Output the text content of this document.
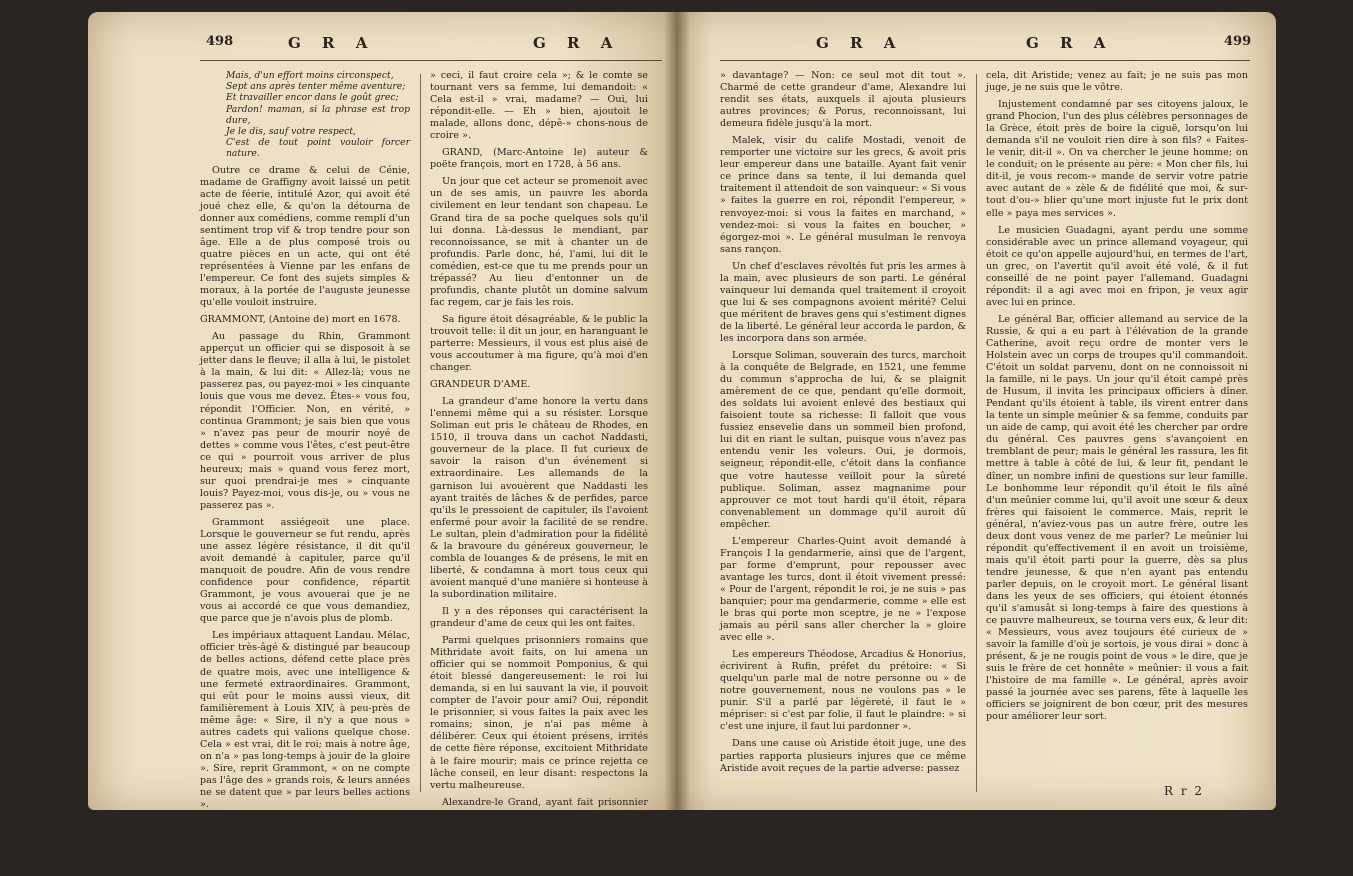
498	G R A	G R A
Mais, d'un effort moins circonspect,
Sept ans après tenter même aventure;
Et travailler encor dans le goût grec;
Pardon! maman, si la phrase est trop dure,
Je le dis, sauf votre respect,
C'est de tout point vouloir forcer nature.

Outre ce drame & celui de Cénie, madame de Graffigny avoit laissé un petit acte de féerie, intitulé Azor, qui avoit été joué chez elle, & qu'on la détourna de donner aux comédiens, comme rempli d'un sentiment trop vif & trop tendre pour son âge. Elle a de plus composé trois ou quatre pièces en un acte, qui ont été représentées à Vienne par les enfans de l'empereur. Ce font des sujets simples & moraux, à la portée de l'auguste jeunesse qu'elle vouloit instruire.

GRAMMONT, (Antoine de) mort en 1678.

Au passage du Rhin, Grammont apperçut un officier qui se disposoit à se jetter dans le fleuve; il alla à lui, le pistolet à la main, & lui dit: « Allez-là; vous ne passerez pas, ou payez-moi » les cinquante louis que vous me devez. Êtes-» vous fou, répondit l'Officier. Non, en vérité, » continua Grammont; je sais bien que vous » n'avez pas peur de mourir noyé de dettes » comme vous l'êtes, c'est peut-être ce qui » pourroit vous arriver de plus heureux; mais » quand vous ferez mort, sur quoi prendrai-je mes » cinquante louis? Payez-moi, vous dis-je, ou » vous ne passerez pas ».

Grammont assiégeoit une place. Lorsque le gouverneur se fut rendu, après une assez légère résistance, il dit qu'il avoit demandé à capituler, parce qu'il manquoit de poudre. Afin de vous rendre confidence pour confidence, répartit Grammont, je vous avouerai que je ne vous ai accordé ce que vous demandiez, que parce que je n'avois plus de plomb.

Les impériaux attaquent Landau. Mélac, officier très-âgé & distingué par beaucoup de belles actions, défend cette place près de quatre mois, avec une intelligence & une fermeté extraordinaires. Grammont, qui eût pour le moins aussi vieux, dit familièrement à Louis XIV, à peu-près de même âge: « Sire, il n'y a que nous » autres cadets qui valions quelque chose. Cela » est vrai, dit le roi; mais à notre âge, on n'a » pas long-temps à jouir de la gloire ». Sire, reprit Grammont, « on ne compte pas l'âge des » grands rois, & leurs années ne se datent que » par leurs belles actions ».

Grammont étant sur le point de mourir, sa femme, qui étoit d'une piété profonde, ne le » quittoit pas d'un moment. Son confesseur l'instruisoit, en lui disant: « Monsieur, il faut croire

» ceci, il faut croire cela »; & le comte se tournant vers sa femme, lui demandoit: « Cela est-il » vrai, madame? — Oui, lui répondit-elle. — Eh » bien, ajoutoit le malade, allons donc, dépê-» chons-nous de croire ».

GRAND, (Marc-Antoine le) auteur & poëte françois, mort en 1728, à 56 ans.

Un jour que cet acteur se promenoit avec un de ses amis, un pauvre les aborda civilement en leur tendant son chapeau. Le Grand tira de sa poche quelques sols qu'il lui donna. Là-dessus le mendiant, par reconnoissance, se mit à chanter un de profundis. Parle donc, hé, l'ami, lui dit le comédien, est-ce que tu me prends pour un trépassé? Au lieu d'entonner un de profundis, chante plutôt un domine salvum fac regem, car je fais les rois.

Sa figure étoit désagréable, & le public la trouvoit telle: il dit un jour, en haranguant le parterre: Messieurs, il vous est plus aisé de vous accoutumer à ma figure, qu'à moi d'en changer.

GRANDEUR D'AME.

La grandeur d'ame honore la vertu dans l'ennemi même qui a su résister. Lorsque Soliman eut pris le château de Rhodes, en 1510, il trouva dans un cachot Naddasti, gouverneur de la place. Il fut curieux de savoir la raison d'un événement si extraordinaire. Les allemands de la garnison lui avouèrent que Naddasti les ayant traités de lâches & de perfides, parce qu'ils le pressoient de capituler, ils l'avoient enfermé pour avoir la facilité de se rendre. Le sultan, plein d'admiration pour la fidélité & la bravoure du généreux gouverneur, le combla de louanges & de présens, le mit en liberté, & condamna à mort tous ceux qui avoient manqué d'une manière si honteuse à la subordination militaire.

Il y a des réponses qui caractérisent la grandeur d'ame de ceux qui les ont faites.

Parmi quelques prisonniers romains que Mithridate avoit faits, on lui amena un officier qui se nommoit Pomponius, & qui étoit blessé dangereusement: le roi lui demanda, si en lui sauvant la vie, il pouvoit compter de l'avoir pour ami? Oui, répondit le prisonnier, si vous faites la paix avec les romains; sinon, je n'ai pas même à délibérer. Ceux qui étoient présens, irrités de cette fière réponse, excitoient Mithridate à le faire mourir; mais ce prince rejetta ce lâche conseil, en leur disant: respectons la vertu malheureuse.

Alexandre-le Grand, ayant fait prisonnier Porus, l'un des plus puissans rois des Indes, le fit venir devant lui, & lui demanda comment il vouloit être traité? « En roi, répondit-il. — Mais, » ajouta le conquérant, ne demandez-vous rien

G R A	G R A	499

» davantage? — Non: ce seul mot dit tout ». Charmé de cette grandeur d'ame, Alexandre lui rendit ses états, auxquels il ajouta plusieurs autres provinces; & Porus, reconnoissant, lui demeura fidèle jusqu'à la mort.

Malek, visir du calife Mostadi, venoit de remporter une victoire sur les grecs, & avoit pris leur empereur dans une bataille. Ayant fait venir ce prince dans sa tente, il lui demanda quel traitement il attendoit de son vainqueur: « Si vous » faites la guerre en roi, répondit l'empereur, » renvoyez-moi: si vous la faites en marchand, » vendez-moi: si vous la faites en boucher, » égorgez-moi ». Le général musulman le renvoya sans rançon.

Un chef d'esclaves révoltés fut pris les armes à la main, avec plusieurs de son parti. Le général vainqueur lui demanda quel traitement il croyoit que lui & ses compagnons avoient mérité? Celui que méritent de braves gens qui s'estiment dignes de la liberté. Le général leur accorda le pardon, & les incorpora dans son armée.

Lorsque Soliman, souverain des turcs, marchoit à la conquête de Belgrade, en 1521, une femme du commun s'approcha de lui, & se plaignit amèrement de ce que, pendant qu'elle dormoit, des soldats lui avoient enlevé des bestiaux qui faisoient toute sa richesse: Il falloit que vous fussiez ensevelie dans un sommeil bien profond, lui dit en riant le sultan, puisque vous n'avez pas entendu venir les voleurs. Oui, je dormois, seigneur, répondit-elle, c'étoit dans la confiance que votre hautesse veilloit pour la sûreté publique. Soliman, assez magnanime pour approuver ce mot tout hardi qu'il étoit, répara convenablement un dommage qu'il auroit dû empêcher.

L'empereur Charles-Quint avoit demandé à François I la gendarmerie, ainsi que de l'argent, par forme d'emprunt, pour repousser avec avantage les turcs, dont il étoit vivement pressé: « Pour de l'argent, répondit le roi, je ne suis » pas banquier; pour ma gendarmerie, comme » elle est le bras qui porte mon sceptre, je ne » l'expose jamais au péril sans aller chercher la » gloire avec elle ».

Les empereurs Théodose, Arcadius & Honorius, écrivirent à Rufin, préfet du prétoire: « Si quelqu'un parle mal de notre personne ou » de notre gouvernement, nous ne voulons pas » le punir. S'il a parlé par légèreté, il faut le » mépriser: si c'est par folie, il faut le plaindre: » si c'est une injure, il faut lui pardonner ».

Dans une cause où Aristide étoit juge, une des parties rapporta plusieurs injures que ce même Aristide avoit reçues de la partie adverse: passez

cela, dit Aristide; venez au fait; je ne suis pas mon juge, je ne suis que le vôtre.

Injustement condamné par ses citoyens jaloux, le grand Phocion, l'un des plus célèbres personnages de la Grèce, étoit près de boire la ciguë, lorsqu'on lui demanda s'il ne vouloit rien dire à son fils? « Faites-le venir, dit-il ». On va chercher le jeune homme; on le conduit; on le présente au père: « Mon cher fils, lui dit-il, je vous recom-» mande de servir votre patrie avec autant de » zèle & de fidélité que moi, & sur-tout d'ou-» blier qu'une mort injuste fut le prix dont elle » paya mes services ».

Le musicien Guadagni, ayant perdu une somme considérable avec un prince allemand voyageur, qui étoit ce qu'on appelle aujourd'hui, en termes de l'art, un grec, on l'avertit qu'il avoit été volé, & il fut conseillé de ne point payer l'allemand. Guadagni répondit: il a agi avec moi en fripon, je veux agir avec lui en prince.

Le général Bar, officier allemand au service de la Russie, & qui a eu part à l'élévation de la grande Catherine, avoit reçu ordre de monter vers le Holstein avec un corps de troupes qu'il commandoit. C'étoit un soldat parvenu, dont on ne connoissoit ni la famille, ni le pays. Un jour qu'il étoit campé près de Husum, il invita les principaux officiers à dîner. Pendant qu'ils étoient à table, ils virent entrer dans la tente un simple meûnier & sa femme, conduits par un aide de camp, qui avoit été les chercher par ordre du général. Ces pauvres gens s'avançoient en tremblant de peur; mais le général les rassura, les fit mettre à table à côté de lui, & leur fit, pendant le dîner, un nombre infini de questions sur leur famille. Le bonhomme leur répondit qu'il étoit le fils aîné d'un meûnier comme lui, qu'il avoit une sœur & deux frères qui faisoient le commerce. Mais, reprit le général, n'aviez-vous pas un autre frère, outre les deux dont vous venez de me parler? Le meûnier lui répondit qu'effectivement il en avoit un troisième, mais qu'il étoit parti pour la guerre, dès sa plus tendre jeunesse, & que n'en ayant pas entendu parler depuis, on le croyoit mort. Le général lisant dans les yeux de ses officiers, qui étoient étonnés qu'il s'amusât si long-temps à faire des questions à ce pauvre malheureux, se tourna vers eux, & leur dit: « Messieurs, vous avez toujours été curieux de » savoir la famille d'où je sortois, je vous dirai » donc à présent, & je ne rougis point de vous » le dire, que je suis le frère de cet honnête » meûnier: il vous a fait l'histoire de ma famille ». Le général, après avoir passé la journée avec ses parens, fête à laquelle les officiers se joignirent de bon cœur, prit des mesures pour améliorer leur sort.

R r 2
